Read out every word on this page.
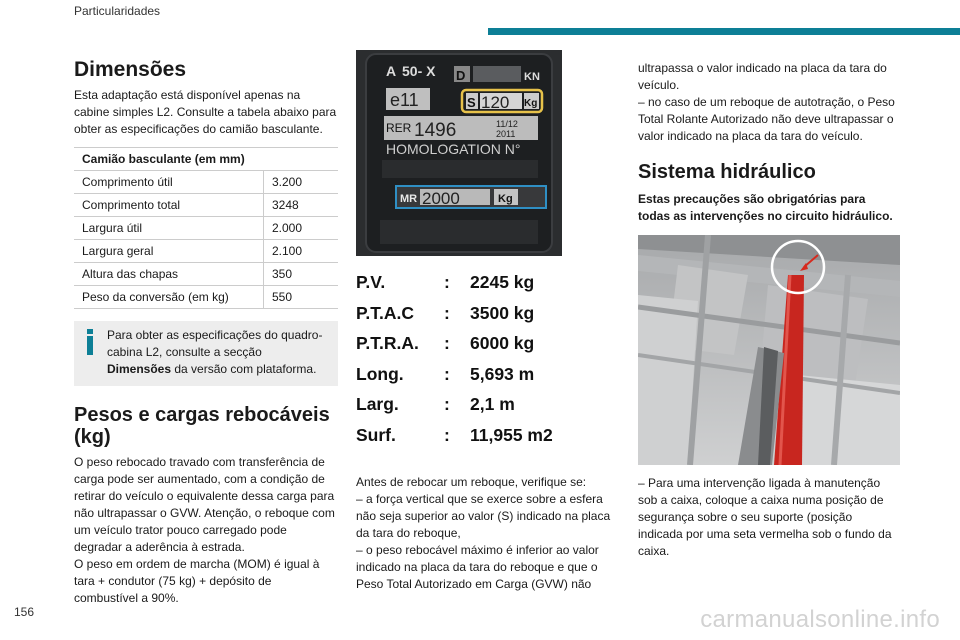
Particularidades
Dimensões

Esta adaptação está disponível apenas na cabine simples L2. Consulte a tabela abaixo para obter as especificações do camião basculante.

Camião basculante (em mm)	
Comprimento útil	3.200
Comprimento total	3248
Largura útil	2.000
Largura geral	2.100
Altura das chapas	350
Peso da conversão (em kg)	550

Para obter as especificações do quadro-cabina L2, consulte a secção Dimensões da versão com plataforma.

Pesos e cargas rebocáveis (kg)

O peso rebocado travado com transferência de carga pode ser aumentado, com a condição de retirar do veículo o equivalente dessa carga para não ultrapassar o GVW. Atenção, o reboque com um veículo trator pouco carregado pode degradar a aderência à estrada.

O peso em ordem de marcha (MOM) é igual à tara + condutor (75 kg) + depósito de combustível a 90%.

A 50- X D	KN
e11	S 120 Kg
RER 1496	11/12
2011
HOMOLOGATION N°
MR 2000	Kg
P.V.	:	2245 kg
P.T.A.C	:	3500 kg
P.T.R.A.	:	6000 kg
Long.	:	5,693 m
Larg.	:	2,1 m
Surf.	:	11,955 m2

Antes de rebocar um reboque, verifique se:

– a força vertical que se exerce sobre a esfera não seja superior ao valor (S) indicado na placa da tara do reboque,

– o peso rebocável máximo é inferior ao valor indicado na placa da tara do reboque e que o Peso Total Autorizado em Carga (GVW) não

ultrapassa o valor indicado na placa da tara do veículo.

– no caso de um reboque de autotração, o Peso Total Rolante Autorizado não deve ultrapassar o valor indicado na placa da tara do veículo.

Sistema hidráulico

Estas precauções são obrigatórias para todas as intervenções no circuito hidráulico.

– Para uma intervenção ligada à manutenção sob a caixa, coloque a caixa numa posição de segurança sobre o seu suporte (posição indicada por uma seta vermelha sob o fundo da caixa.

156	carmanualsonline.info
